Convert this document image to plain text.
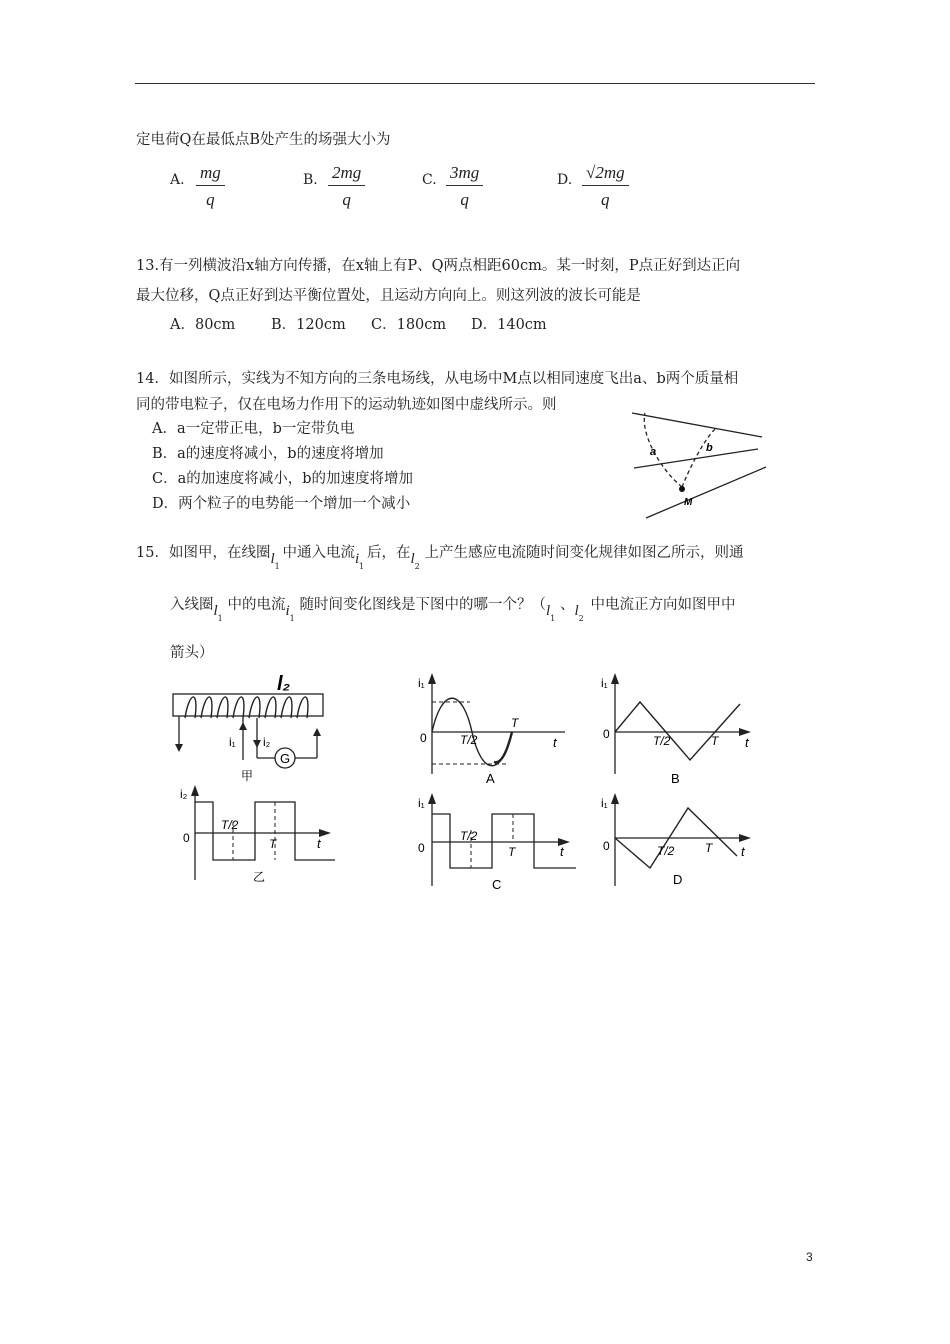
定电荷Q在最低点B处产生的场强大小为
A. $\frac{mg}{q}$	B. $\frac{2mg}{q}$	C. $\frac{3mg}{q}$	D. $\frac{√2mg}{q}$
13.有一列横波沿x轴方向传播，在x轴上有P、Q两点相距60cm。某一时刻，P点正好到达正向
最大位移，Q点正好到达平衡位置处，且运动方向向上。则这列波的波长可能是
A．80cm B．120cm C．180cm D．140cm
14．如图所示，实线为不知方向的三条电场线，从电场中M点以相同速度飞出a、b两个质量相
同的带电粒子，仅在电场力作用下的运动轨迹如图中虚线所示。则
A．a一定带正电，b一定带负电
B．a的速度将减小，b的速度将增加
C．a的加速度将减小，b的加速度将增加
D．两个粒子的电势能一个增加一个减小
a	b
M
15．如图甲，在线圈$l_1$中通入电流$i_1$后，在$l_2$上产生感应电流随时间变化规律如图乙所示，则通
入线圈$l_1$中的电流$i_1$随时间变化图线是下图中的哪一个？（$l_1$、$l_2$中电流正方向如图甲中
箭头）
G
l₂
i₁ i₂
甲
i₂
0
T/2
T	t
乙
i₁
0	T/2
T
t
A
i₁
0	T/2	T t
B
i₁
0
T/2
T	t
C
i₁
0	T/2	T t
D
3
